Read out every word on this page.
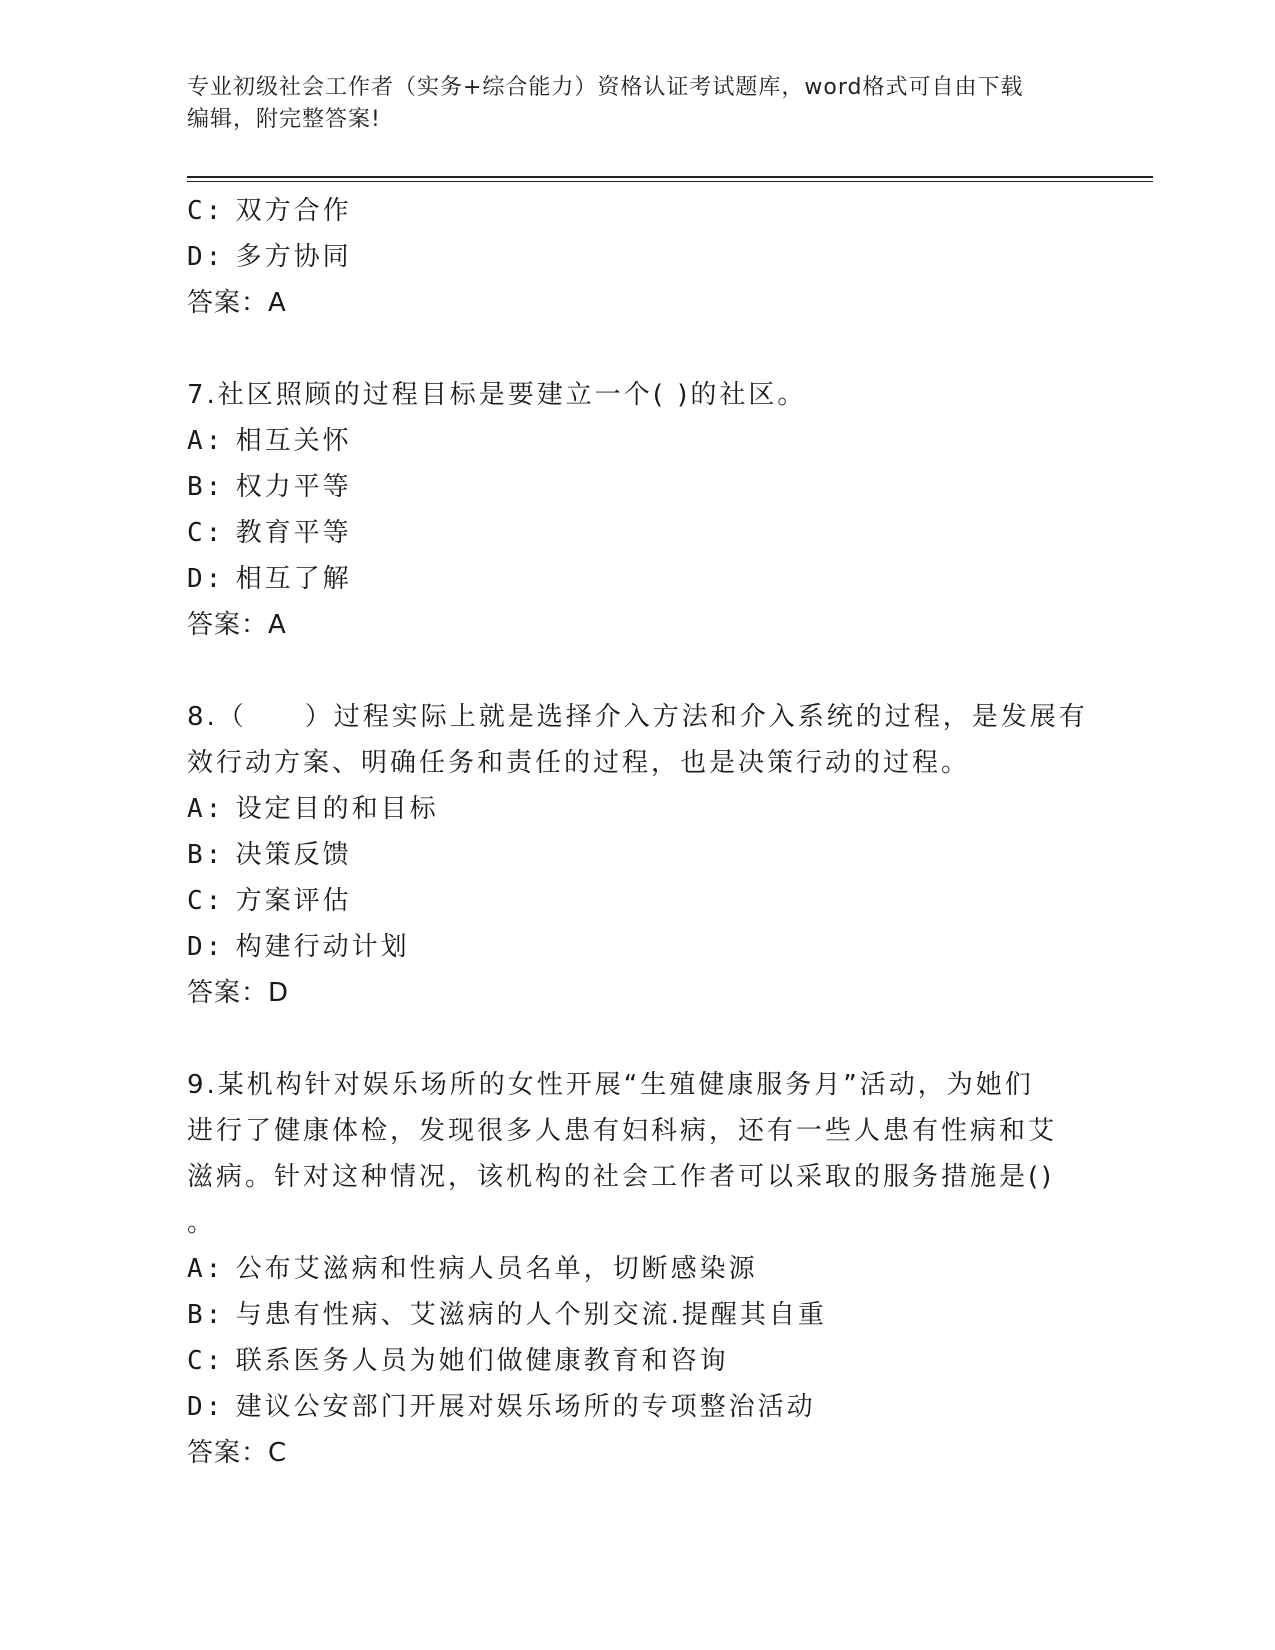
专业初级社会工作者（实务+综合能力）资格认证考试题库，word格式可自由下载
编辑，附完整答案!
C: 双方合作
D: 多方协同
答案：A
7.社区照顾的过程目标是要建立一个( )的社区。
A: 相互关怀
B: 权力平等
C: 教育平等
D: 相互了解
答案：A
8.（　　）过程实际上就是选择介入方法和介入系统的过程，是发展有
效行动方案、明确任务和责任的过程，也是决策行动的过程。
A: 设定目的和目标
B: 决策反馈
C: 方案评估
D: 构建行动计划
答案：D
9.某机构针对娱乐场所的女性开展“生殖健康服务月”活动，为她们
进行了健康体检，发现很多人患有妇科病，还有一些人患有性病和艾
滋病。针对这种情况，该机构的社会工作者可以采取的服务措施是()
。
A: 公布艾滋病和性病人员名单，切断感染源
B: 与患有性病、艾滋病的人个别交流.提醒其自重
C: 联系医务人员为她们做健康教育和咨询
D: 建议公安部门开展对娱乐场所的专项整治活动
答案：C
